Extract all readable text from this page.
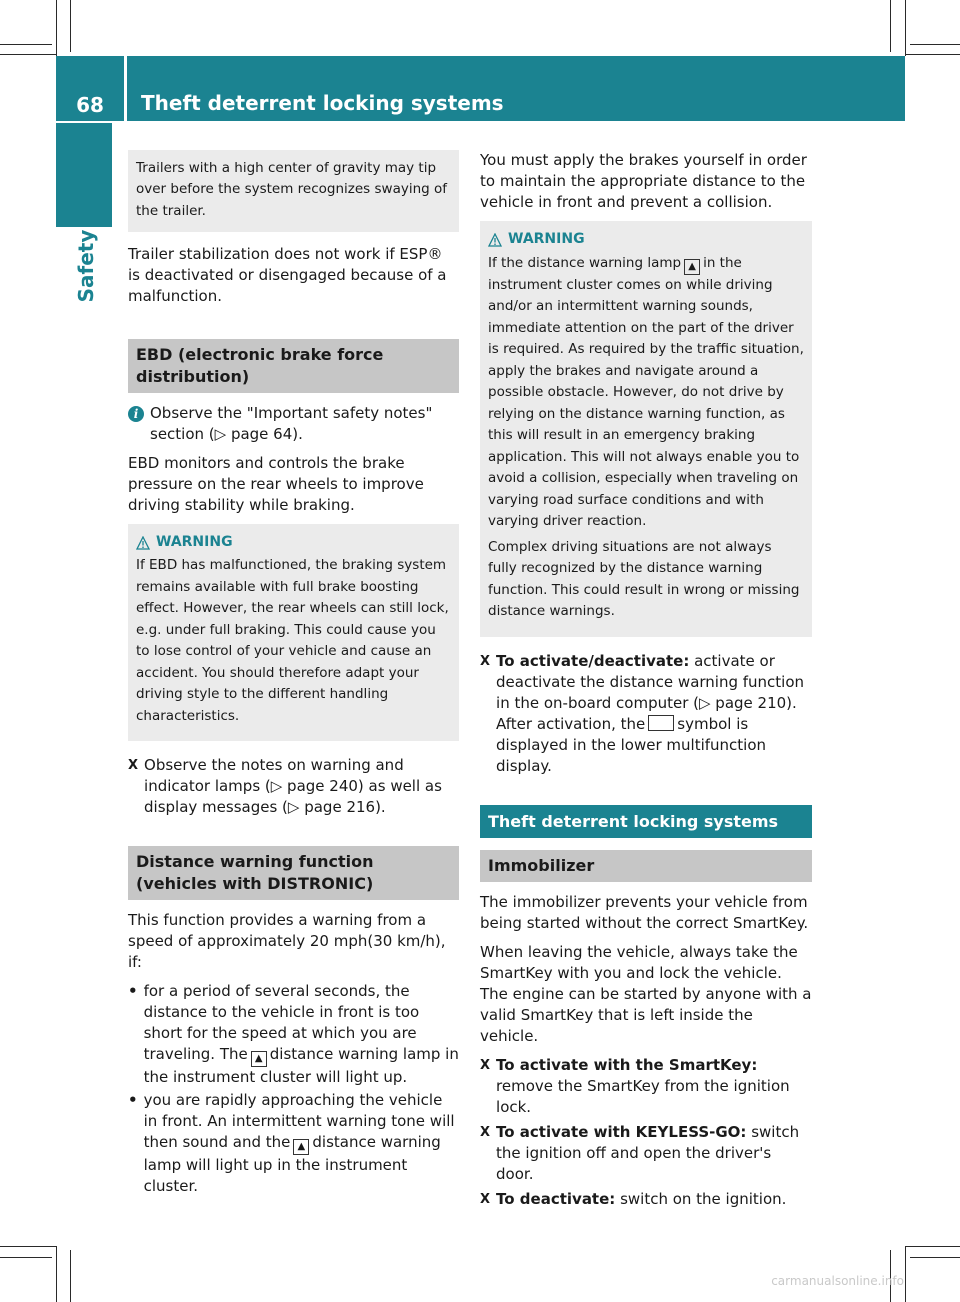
68	Theft deterrent locking systems
Safety

Trailers with a high center of gravity may tip over before the system recognizes swaying of the trailer.

Trailer stabilization does not work if ESP® is deactivated or disengaged because of a malfunction.

EBD (electronic brake force distribution)
i Observe the "Important safety notes" section (▷ page 64).

EBD monitors and controls the brake pressure on the rear wheels to improve driving stability while braking.

WARNING

If EBD has malfunctioned, the braking system remains available with full brake boosting effect. However, the rear wheels can still lock, e.g. under full braking. This could cause you to lose control of your vehicle and cause an accident. You should therefore adapt your driving style to the different handling characteristics.

X Observe the notes on warning and indicator lamps (▷ page 240) as well as display messages (▷ page 216).
Distance warning function (vehicles with DISTRONIC)

This function provides a warning from a speed of approximately 20 mph(30 km/h), if:

• for a period of several seconds, the distance to the vehicle in front is too short for the speed at which you are traveling. The ▲ distance warning lamp in the instrument cluster will light up.
• you are rapidly approaching the vehicle in front. An intermittent warning tone will then sound and the ▲ distance warning lamp will light up in the instrument cluster.

You must apply the brakes yourself in order to maintain the appropriate distance to the vehicle in front and prevent a collision.

WARNING

If the distance warning lamp ▲ in the instrument cluster comes on while driving and/or an intermittent warning sounds, immediate attention on the part of the driver is required. As required by the traffic situation, apply the brakes and navigate around a possible obstacle. However, do not drive by relying on the distance warning function, as this will result in an emergency braking application. This will not always enable you to avoid a collision, especially when traveling on varying road surface conditions and with varying driver reaction.

Complex driving situations are not always fully recognized by the distance warning function. This could result in wrong or missing distance warnings.

X To activate/deactivate: activate or deactivate the distance warning function in the on-board computer (▷ page 210). After activation, the symbol is displayed in the lower multifunction display.
Theft deterrent locking systems
Immobilizer

The immobilizer prevents your vehicle from being started without the correct SmartKey.

When leaving the vehicle, always take the SmartKey with you and lock the vehicle. The engine can be started by anyone with a valid SmartKey that is left inside the vehicle.

X To activate with the SmartKey: remove the SmartKey from the ignition lock.
X To activate with KEYLESS-GO: switch the ignition off and open the driver's door.
X To deactivate: switch on the ignition.
carmanualsonline.info
